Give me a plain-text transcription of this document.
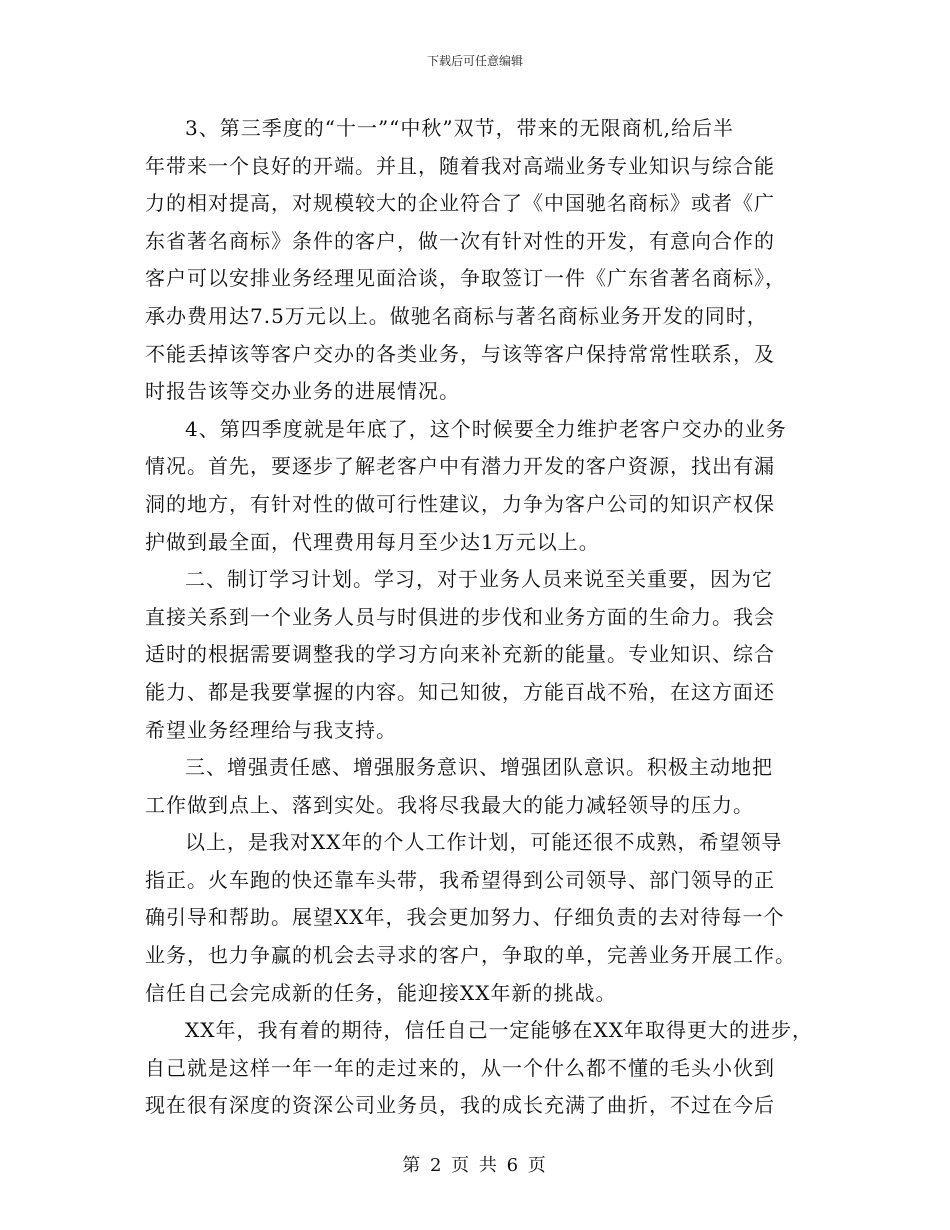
下载后可任意编辑
3、第三季度的“十一”“中秋”双节，带来的无限商机,给后半
年带来一个良好的开端。并且，随着我对高端业务专业知识与综合能
力的相对提高，对规模较大的企业符合了《中国驰名商标》或者《广
东省著名商标》条件的客户，做一次有针对性的开发，有意向合作的
客户可以安排业务经理见面洽谈，争取签订一件《广东省著名商标》，
承办费用达7.5万元以上。做驰名商标与著名商标业务开发的同时，
不能丢掉该等客户交办的各类业务，与该等客户保持常常性联系，及
时报告该等交办业务的进展情况。
4、第四季度就是年底了，这个时候要全力维护老客户交办的业务
情况。首先，要逐步了解老客户中有潜力开发的客户资源，找出有漏
洞的地方，有针对性的做可行性建议，力争为客户公司的知识产权保
护做到最全面，代理费用每月至少达1万元以上。
二、制订学习计划。学习，对于业务人员来说至关重要，因为它
直接关系到一个业务人员与时俱进的步伐和业务方面的生命力。我会
适时的根据需要调整我的学习方向来补充新的能量。专业知识、综合
能力、都是我要掌握的内容。知己知彼，方能百战不殆，在这方面还
希望业务经理给与我支持。
三、增强责任感、增强服务意识、增强团队意识。积极主动地把
工作做到点上、落到实处。我将尽我最大的能力减轻领导的压力。
以上，是我对XX年的个人工作计划，可能还很不成熟，希望领导
指正。火车跑的快还靠车头带，我希望得到公司领导、部门领导的正
确引导和帮助。展望XX年，我会更加努力、仔细负责的去对待每一个
业务，也力争赢的机会去寻求的客户，争取的单，完善业务开展工作。
信任自己会完成新的任务，能迎接XX年新的挑战。
XX年，我有着的期待，信任自己一定能够在XX年取得更大的进步，
自己就是这样一年一年的走过来的，从一个什么都不懂的毛头小伙到
现在很有深度的资深公司业务员，我的成长充满了曲折，不过在今后
第 2 页 共 6 页
